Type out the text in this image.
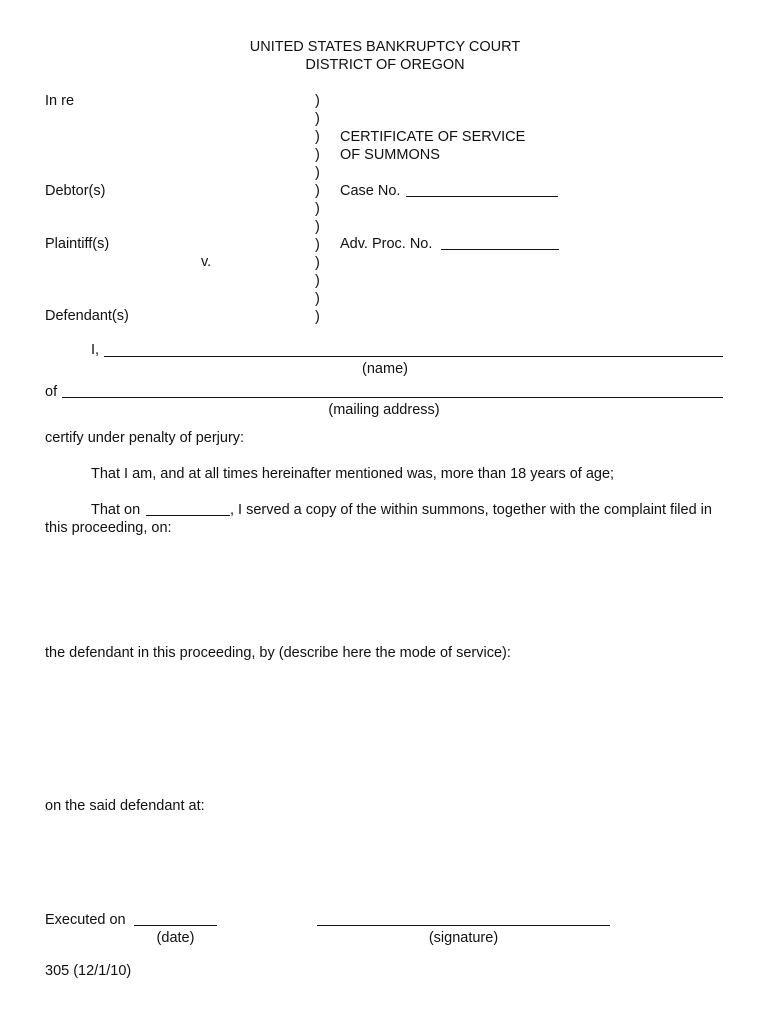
UNITED STATES BANKRUPTCY COURT
DISTRICT OF OREGON
In re
Debtor(s)
Plaintiff(s)
v.
Defendant(s)
)
)
)
)
)
)
)
)
)
)
)
)
)
CERTIFICATE OF SERVICE
OF SUMMONS
Case No.
Adv. Proc. No.
I,
(name)
of
(mailing address)
certify under penalty of perjury:
That I am, and at all times hereinafter mentioned was, more than 18 years of age;
That on	, I served a copy of the within summons, together with the complaint filed in
this proceeding, on:
the defendant in this proceeding, by (describe here the mode of service):
on the said defendant at:
Executed on
(date)	(signature)
305 (12/1/10)
